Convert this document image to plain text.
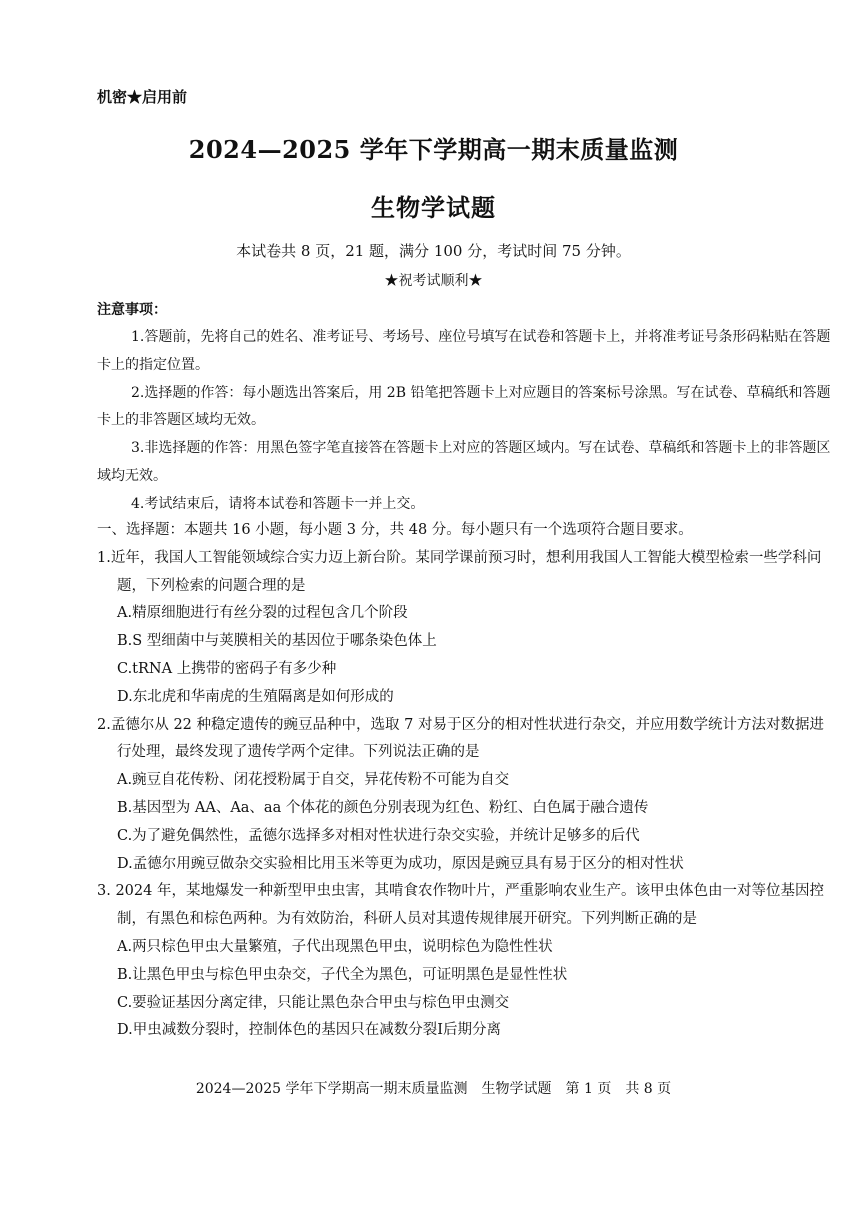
机密★启用前
2024—2025 学年下学期高一期末质量监测
生物学试题
本试卷共 8 页，21 题，满分 100 分，考试时间 75 分钟。
★祝考试顺利★
注意事项：
1.答题前，先将自己的姓名、准考证号、考场号、座位号填写在试卷和答题卡上，并将准考证号条形码粘贴在答题卡上的指定位置。
2.选择题的作答：每小题选出答案后，用 2B 铅笔把答题卡上对应题目的答案标号涂黑。写在试卷、草稿纸和答题卡上的非答题区域均无效。
3.非选择题的作答：用黑色签字笔直接答在答题卡上对应的答题区域内。写在试卷、草稿纸和答题卡上的非答题区域均无效。
4.考试结束后，请将本试卷和答题卡一并上交。
一、选择题：本题共 16 小题，每小题 3 分，共 48 分。每小题只有一个选项符合题目要求。
1.近年，我国人工智能领域综合实力迈上新台阶。某同学课前预习时，想利用我国人工智能大模型检索一些学科问题，下列检索的问题合理的是
A.精原细胞进行有丝分裂的过程包含几个阶段
B.S 型细菌中与荚膜相关的基因位于哪条染色体上
C.tRNA 上携带的密码子有多少种
D.东北虎和华南虎的生殖隔离是如何形成的
2.孟德尔从 22 种稳定遗传的豌豆品种中，选取 7 对易于区分的相对性状进行杂交，并应用数学统计方法对数据进行处理，最终发现了遗传学两个定律。下列说法正确的是
A.豌豆自花传粉、闭花授粉属于自交，异花传粉不可能为自交
B.基因型为 AA、Aa、aa 个体花的颜色分别表现为红色、粉红、白色属于融合遗传
C.为了避免偶然性，孟德尔选择多对相对性状进行杂交实验，并统计足够多的后代
D.孟德尔用豌豆做杂交实验相比用玉米等更为成功，原因是豌豆具有易于区分的相对性状
3. 2024 年，某地爆发一种新型甲虫虫害，其啃食农作物叶片，严重影响农业生产。该甲虫体色由一对等位基因控制，有黑色和棕色两种。为有效防治，科研人员对其遗传规律展开研究。下列判断正确的是
A.两只棕色甲虫大量繁殖，子代出现黑色甲虫，说明棕色为隐性性状
B.让黑色甲虫与棕色甲虫杂交，子代全为黑色，可证明黑色是显性性状
C.要验证基因分离定律，只能让黑色杂合甲虫与棕色甲虫测交
D.甲虫减数分裂时，控制体色的基因只在减数分裂Ⅰ后期分离
2024—2025 学年下学期高一期末质量监测 生物学试题 第 1 页 共 8 页
